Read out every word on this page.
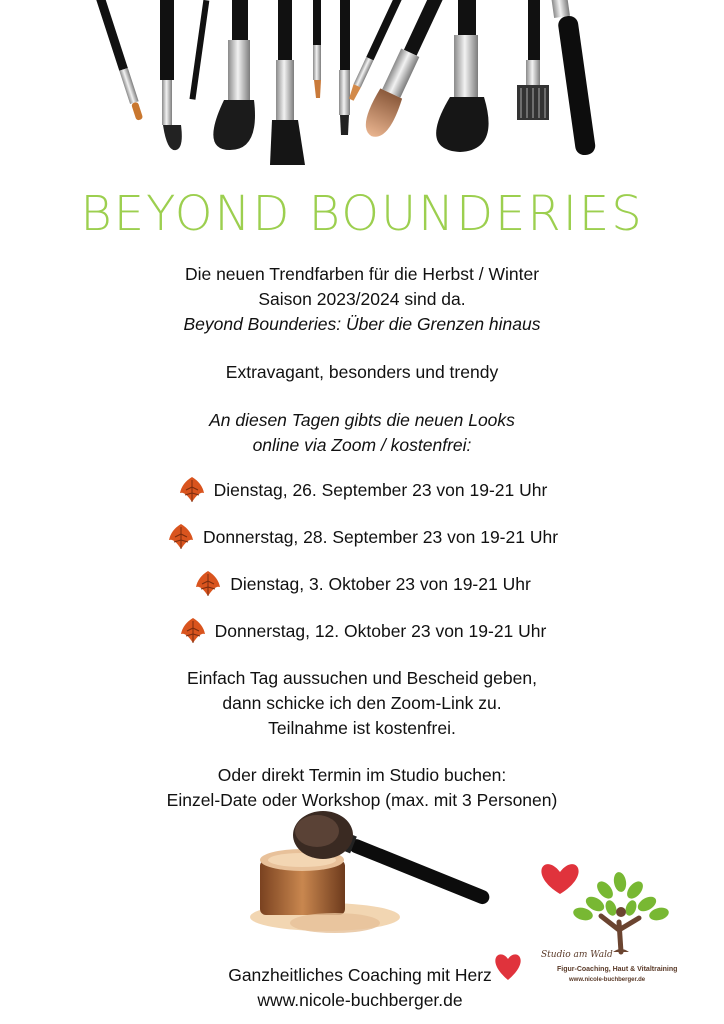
BEYOND BOUNDERIES
Die neuen Trendfarben für die Herbst / Winter
Saison 2023/2024 sind da.
Beyond Bounderies: Über die Grenzen hinaus
Extravagant, besonders und trendy
An diesen Tagen gibts die neuen Looks
online via Zoom / kostenfrei:
Dienstag, 26. September 23 von 19-21 Uhr
Donnerstag, 28. September 23 von 19-21 Uhr
Dienstag, 3. Oktober 23 von 19-21 Uhr
Donnerstag, 12. Oktober 23 von 19-21 Uhr
Einfach Tag aussuchen und Bescheid geben,
dann schicke ich den Zoom-Link zu.
Teilnahme ist kostenfrei.
Oder direkt Termin im Studio buchen:
Einzel-Date oder Workshop (max. mit 3 Personen)
Studio am Wald
Figur-Coaching, Haut & Vitaltraining
www.nicole-buchberger.de
Ganzheitliches Coaching mit Herz
www.nicole-buchberger.de
